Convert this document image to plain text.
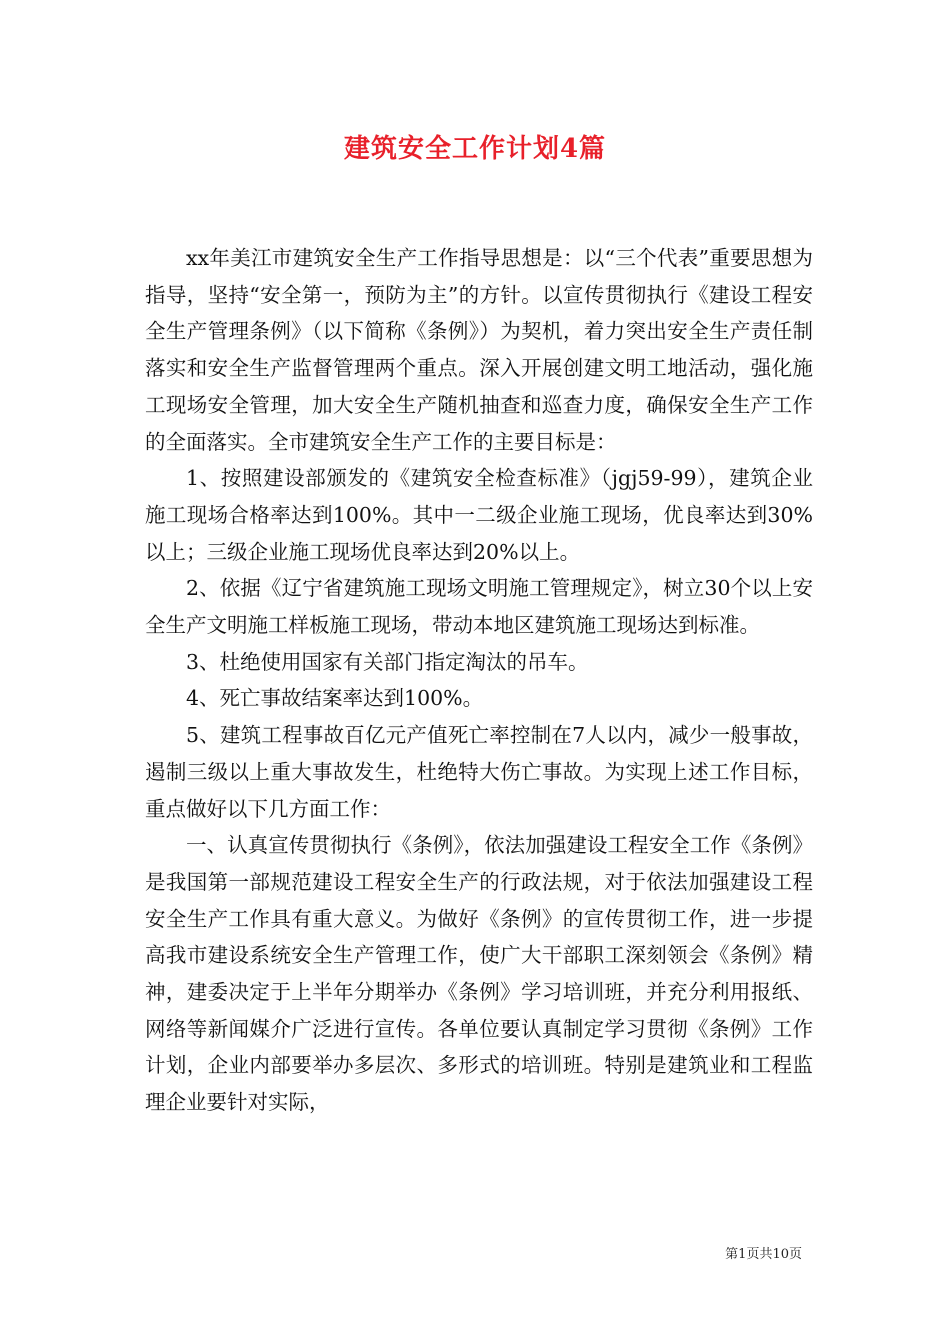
建筑安全工作计划4篇

xx年美江市建筑安全生产工作指导思想是：以“三个代表”重要思想为指导，坚持“安全第一，预防为主”的方针。以宣传贯彻执行《建设工程安全生产管理条例》（以下简称《条例》）为契机，着力突出安全生产责任制落实和安全生产监督管理两个重点。深入开展创建文明工地活动，强化施工现场安全管理，加大安全生产随机抽查和巡查力度，确保安全生产工作的全面落实。全市建筑安全生产工作的主要目标是：

1、按照建设部颁发的《建筑安全检查标准》（jgj59-99），建筑企业施工现场合格率达到100%。其中一二级企业施工现场，优良率达到30%以上；三级企业施工现场优良率达到20%以上。

2、依据《辽宁省建筑施工现场文明施工管理规定》，树立30个以上安全生产文明施工样板施工现场，带动本地区建筑施工现场达到标准。

3、杜绝使用国家有关部门指定淘汰的吊车。

4、死亡事故结案率达到100%。

5、建筑工程事故百亿元产值死亡率控制在7人以内，减少一般事故，遏制三级以上重大事故发生，杜绝特大伤亡事故。为实现上述工作目标，重点做好以下几方面工作：

一、认真宣传贯彻执行《条例》，依法加强建设工程安全工作《条例》是我国第一部规范建设工程安全生产的行政法规，对于依法加强建设工程安全生产工作具有重大意义。为做好《条例》的宣传贯彻工作，进一步提高我市建设系统安全生产管理工作，使广大干部职工深刻领会《条例》精神，建委决定于上半年分期举办《条例》学习培训班，并充分利用报纸、网络等新闻媒介广泛进行宣传。各单位要认真制定学习贯彻《条例》工作计划，企业内部要举办多层次、多形式的培训班。特别是建筑业和工程监理企业要针对实际，

第1页共10页
